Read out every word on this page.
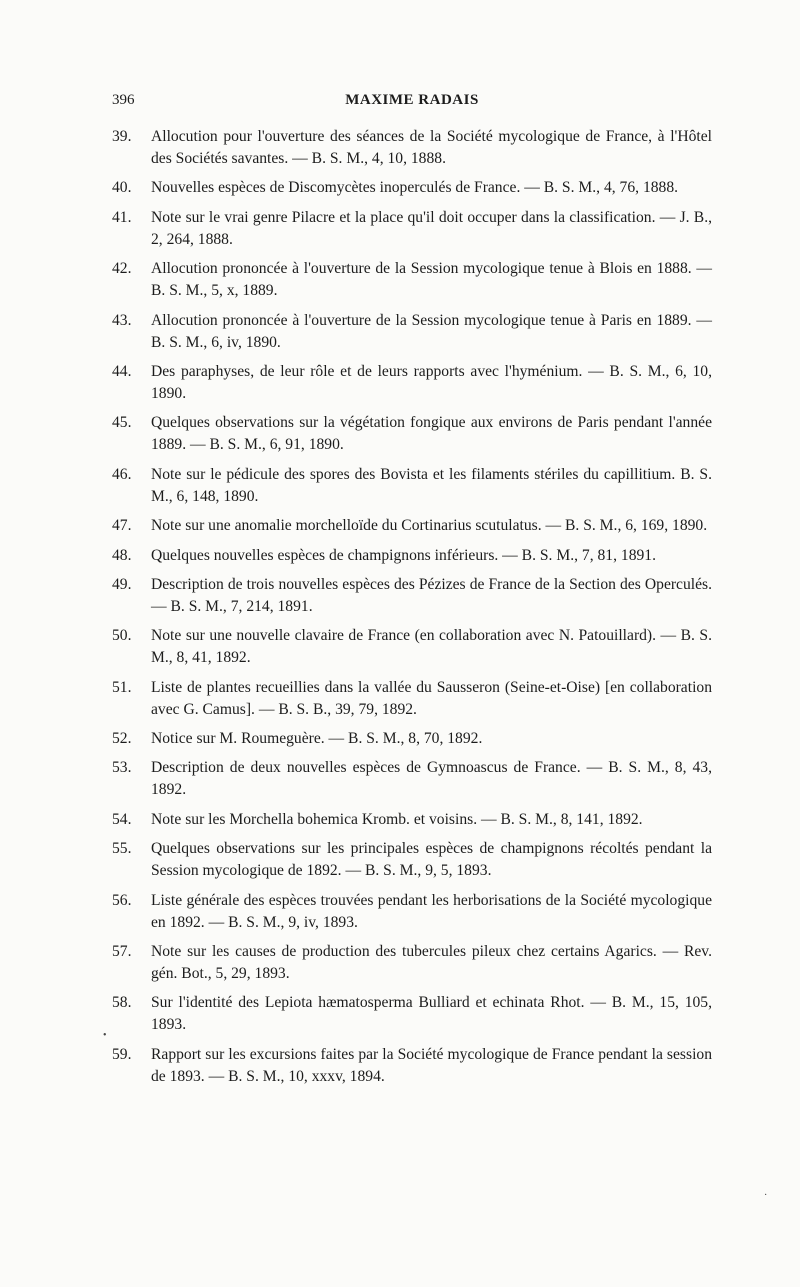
396	MAXIME RADAIS
39. Allocution pour l'ouverture des séances de la Société mycologique de France, à l'Hôtel des Sociétés savantes. — B. S. M., 4, 10, 1888.
40. Nouvelles espèces de Discomycètes inoperculés de France. — B. S. M., 4, 76, 1888.
41. Note sur le vrai genre Pilacre et la place qu'il doit occuper dans la classification. — J. B., 2, 264, 1888.
42. Allocution prononcée à l'ouverture de la Session mycologique tenue à Blois en 1888. — B. S. M., 5, x, 1889.
43. Allocution prononcée à l'ouverture de la Session mycologique tenue à Paris en 1889. — B. S. M., 6, iv, 1890.
44. Des paraphyses, de leur rôle et de leurs rapports avec l'hyménium. — B. S. M., 6, 10, 1890.
45. Quelques observations sur la végétation fongique aux environs de Paris pendant l'année 1889. — B. S. M., 6, 91, 1890.
46. Note sur le pédicule des spores des Bovista et les filaments stériles du capillitium. B. S. M., 6, 148, 1890.
47. Note sur une anomalie morchelloïde du Cortinarius scutulatus. — B. S. M., 6, 169, 1890.
48. Quelques nouvelles espèces de champignons inférieurs. — B. S. M., 7, 81, 1891.
49. Description de trois nouvelles espèces des Pézizes de France de la Section des Operculés. — B. S. M., 7, 214, 1891.
50. Note sur une nouvelle clavaire de France (en collaboration avec N. Patouillard). — B. S. M., 8, 41, 1892.
51. Liste de plantes recueillies dans la vallée du Sausseron (Seine-et-Oise) [en collaboration avec G. Camus]. — B. S. B., 39, 79, 1892.
52. Notice sur M. Roumeguère. — B. S. M., 8, 70, 1892.
53. Description de deux nouvelles espèces de Gymnoascus de France. — B. S. M., 8, 43, 1892.
54. Note sur les Morchella bohemica Kromb. et voisins. — B. S. M., 8, 141, 1892.
55. Quelques observations sur les principales espèces de champignons récoltés pendant la Session mycologique de 1892. — B. S. M., 9, 5, 1893.
56. Liste générale des espèces trouvées pendant les herborisations de la Société mycologique en 1892. — B. S. M., 9, iv, 1893.
57. Note sur les causes de production des tubercules pileux chez certains Agarics. — Rev. gén. Bot., 5, 29, 1893.
58. Sur l'identité des Lepiota hæmatosperma Bulliard et echinata Rhot. — B. M., 15, 105, 1893.
59. Rapport sur les excursions faites par la Société mycologique de France pendant la session de 1893. — B. S. M., 10, xxxv, 1894.
•
·
